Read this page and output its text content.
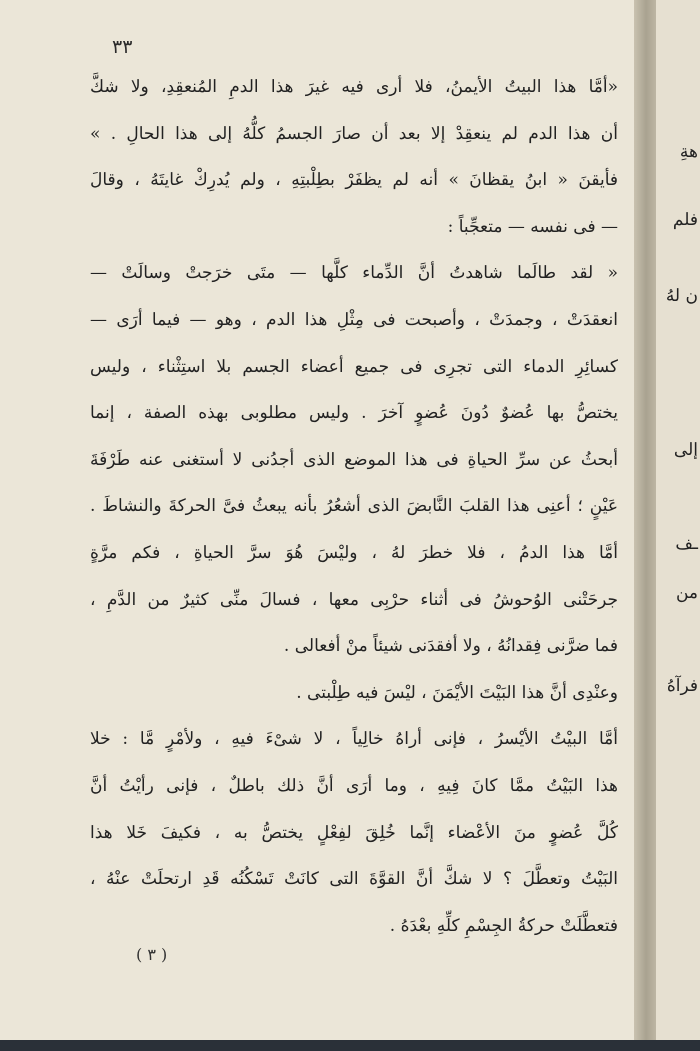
٣٣
«أمَّا هذا البيتُ الأيمنُ، فلا أرى فيه غيرَ هذا الدمِ المُنعقِدِ، ولا شكَّ
أن هذا الدم لم ينعقِدْ إلا بعد أن صارَ الجسمُ كلُّهُ إلى هذا الحالِ . »
فأيقنَ « ابنُ يقظانَ » أنه لم يظفَرْ بطِلْبتِهِ ، ولم يُدرِكْ غايتَهُ ، وقالَ
— فى نفسه — متعجِّباً :
« لقد طالَما شاهدتُ أنَّ الدِّماء كلَّها — متَى خرَجتْ وسالَتْ —
انعقدَتْ ، وجمدَتْ ، وأصبحت فى مِثْلِ هذا الدم ، وهو — فيما أرَى —
كسائِرِ الدماء التى تجرِى فى جميع أعضاء الجسم بلا استِثْناء ، وليس
يختصُّ بها عُضوٌ دُونَ عُضوٍ آخرَ . وليس مطلوبى بهذه الصفة ، إنما
أبحثُ عن سرِّ الحياةِ فى هذا الموضع الذى أجدُنى لا أستغنى عنه طَرْفَةَ
عَيْنٍ ؛ أعنِى هذا القلبَ النَّابضَ الذى أشعُرُ بأنه يبعثُ فىَّ الحركةَ والنشاطَ .
أمَّا هذا الدمُ ، فلا خطرَ لهُ ، وليْسَ هُوَ سرَّ الحياةِ ، فكم مرَّةٍ
جرحَتْنى الوُحوشُ فى أثناء حرْبِى معها ، فسالَ منِّى كثيرٌ من الدَّمِ ،
فما ضرَّنى فِقدانُهُ ، ولا أفقدَنى شيئاً منْ أفعالى .
وعنْدِى أنَّ هذا البَيْتَ الأيْمَنَ ، ليْسَ فيه طِلْبتى .
أمَّا البيْتُ الأيْسرُ ، فإنى أراهُ خالِياً ، لا شىْءَ فيهِ ، ولأمْرٍ مَّا : خلا
هذا البَيْتُ ممَّا كانَ فِيهِ ، وما أرَى أنَّ ذلك باطلٌ ، فإنى رأيْتُ أنَّ
كُلَّ عُضوٍ منَ الأعْضاء إنَّما خُلِقَ لفِعْلٍ يختصُّ به ، فكيفَ خَلا هذا
البَيْتُ وتعطَّلَ ؟ لا شكَّ أنَّ القوَّةَ التى كانَتْ تَسْكُنُه قَدِ ارتحلَتْ عنْهُ ،
فتعطَّلَتْ حركةُ الجِسْمِ كلِّهِ بعْدَهُ .
( ٣ )
هةِ
فلم
ن لهُ
إلى
ـف
من
فرآهُ
